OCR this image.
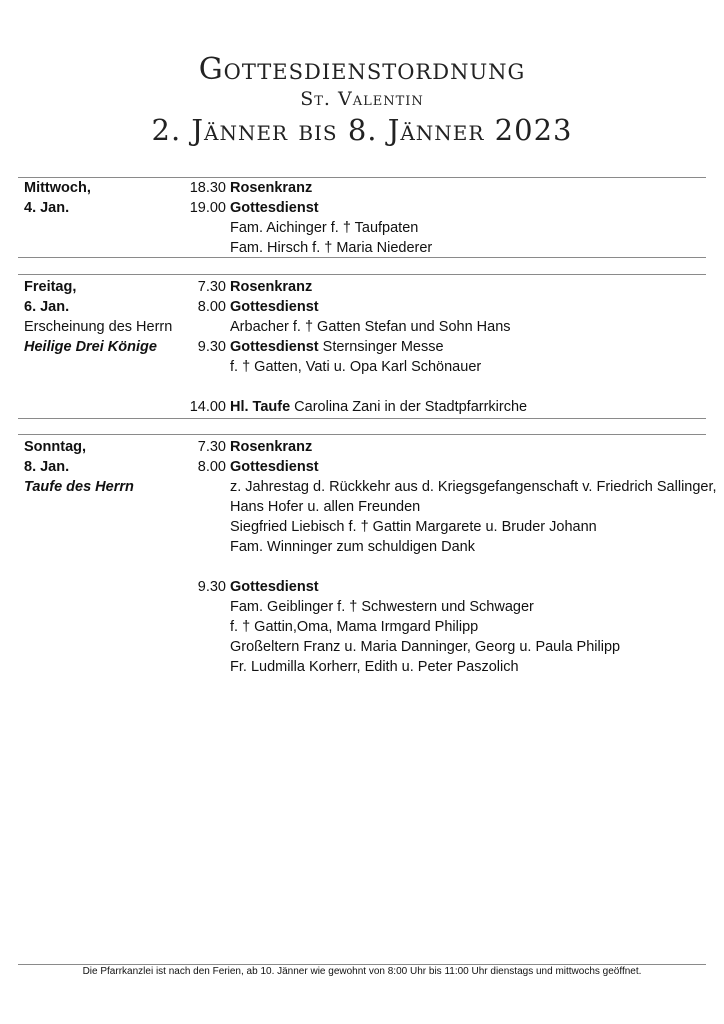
Gottesdienstordnung
St. Valentin
2. Jänner bis 8. Jänner 2023
Mittwoch,
4. Jan.
18.30 Rosenkranz
19.00 Gottesdienst
Fam. Aichinger f. † Taufpaten
Fam. Hirsch f. † Maria Niederer
Freitag,
6. Jan.
Erscheinung des Herrn
Heilige Drei Könige
7.30 Rosenkranz
8.00 Gottesdienst
Arbacher f. † Gatten Stefan und Sohn Hans
9.30 Gottesdienst Sternsinger Messe
f. † Gatten, Vati u. Opa Karl Schönauer
14.00 Hl. Taufe Carolina Zani in der Stadtpfarrkirche
Sonntag,
8. Jan.
Taufe des Herrn
7.30 Rosenkranz
8.00 Gottesdienst
z. Jahrestag d. Rückkehr aus d. Kriegsgefangenschaft v. Friedrich Sallinger,
Hans Hofer u. allen Freunden
Siegfried Liebisch f. † Gattin Margarete u. Bruder Johann
Fam. Winninger zum schuldigen Dank
9.30 Gottesdienst
Fam. Geiblinger f. † Schwestern und Schwager
f. † Gattin,Oma, Mama Irmgard Philipp
Großeltern Franz u. Maria Danninger, Georg u. Paula Philipp
Fr. Ludmilla Korherr, Edith u. Peter Paszolich
Die Pfarrkanzlei ist nach den Ferien, ab 10. Jänner wie gewohnt von 8:00 Uhr bis 11:00 Uhr dienstags und mittwochs geöffnet.
